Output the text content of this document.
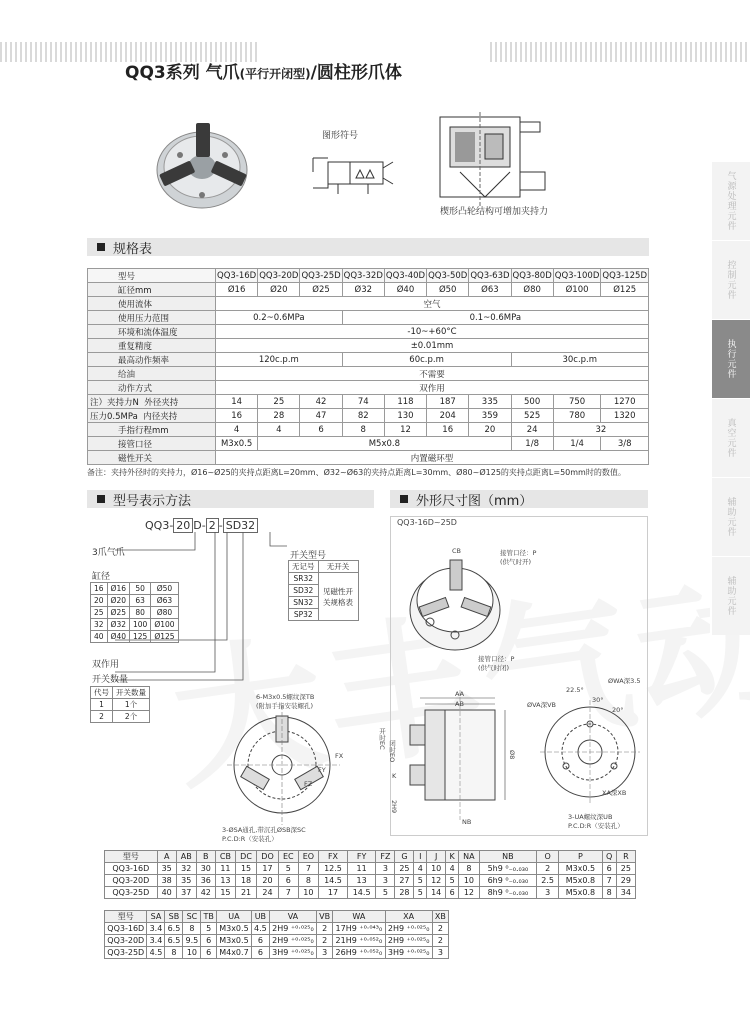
QQ3系列 气爪(平行开闭型)/圆柱形爪体
气源处理元件
控制元件
执行元件
真空元件
辅助元件
辅助元件
图形符号
楔形凸轮结构可增加夹持力
规格表
型号	QQ3-16D	QQ3-20D	QQ3-25D	QQ3-32D	QQ3-40D	QQ3-50D	QQ3-63D	QQ3-80D	QQ3-100D	QQ3-125D
缸径mm	Ø16	Ø20	Ø25	Ø32	Ø40	Ø50	Ø63	Ø80	Ø100	Ø125
使用流体	空气									
使用压力范围	0.2~0.6MPa			0.1~0.6MPa						
环境和流体温度	-10~+60°C									
重复精度	±0.01mm									
最高动作频率	120c.p.m			60c.p.m				30c.p.m		
给油	不需要									
动作方式	双作用									
注）夹持力N 外径夹持	14	25	42	74	118	187	335	500	750	1270
压力0.5MPa 内径夹持	16	28	47	82	130	204	359	525	780	1320
手指行程mm	4	4	6	8	12	16	20	24	32	
接管口径	M3x0.5	M5x0.8						1/8	1/4	3/8
磁性开关	内置磁环型									
备注：夹持外径时的夹持力，Ø16~Ø25的夹持点距离L=20mm、Ø32~Ø63的夹持点距离L=30mm、Ø80~Ø125的夹持点距离L=50mm时的数值。
型号表示方法
QQ3- 20 D- 2 - SD32
3爪气爪
缸径
16	Ø16	50	Ø50
20	Ø20	63	Ø63
25	Ø25	80	Ø80
32	Ø32	100	Ø100
40	Ø40	125	Ø125
双作用
开关数量
代号	开关数量
1	1个
2	2个
开关型号
无记号	无开关
SR32	见磁性开关规格表
SD32	
SN32	
SP32	
外形尺寸图（mm）
QQ3-16D~25D
CB	接管口径：P
(供气时开)
接管口径：P
(供气时闭)
6-M3x0.5螺纹深TB
(附加手指安装螺孔)
3-ØSA通孔,带沉孔ØSB深SC
P.C.D:R（安装孔）
FX
FY
FZ
AA
AB
开时EC
闭时EO	Ø8
2H9
NB
K
ØWA深3.5
ØVA深VB
22.5°
30°
20°
XA深XB
3-UA螺纹深UB
P.C.D:R（安装孔）
型号	A	AB	B	CB	DC	DO	EC	EO	FX	FY	FZ	G	I	J	K	NA	NB	O	P	Q	R
QQ3-16D	35	32	30	11	15	17	5	7	12.5	11	3	25	4	10	4	8	5h9 ⁰₋₀.₀₃₀	2	M3x0.5	6	25
QQ3-20D	38	35	36	13	18	20	6	8	14.5	13	3	27	5	12	5	10	6h9 ⁰₋₀.₀₃₀	2.5	M5x0.8	7	29
QQ3-25D	40	37	42	15	21	24	7	10	17	14.5	5	28	5	14	6	12	8h9 ⁰₋₀.₀₃₀	3	M5x0.8	8	34
型号	SA	SB	SC	TB	UA	UB	VA	VB	WA	XA	XB
QQ3-16D	3.4	6.5	8	5	M3x0.5	4.5	2H9 ⁺⁰·⁰²⁵₀	2	17H9 ⁺⁰·⁰⁴³₀	2H9 ⁺⁰·⁰²⁵₀	2
QQ3-20D	3.4	6.5	9.5	6	M3x0.5	6	2H9 ⁺⁰·⁰²⁵₀	2	21H9 ⁺⁰·⁰⁵²₀	2H9 ⁺⁰·⁰²⁵₀	2
QQ3-25D	4.5	8	10	6	M4x0.7	6	3H9 ⁺⁰·⁰²⁵₀	3	26H9 ⁺⁰·⁰⁵²₀	3H9 ⁺⁰·⁰²⁵₀	3
